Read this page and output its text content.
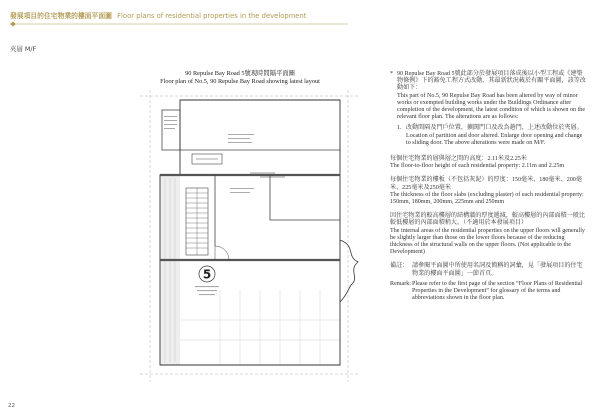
發展項目的住宅物業的樓面平面圖 Floor plans of residential properties in the development
夾層 M/F
90 Repulse Bay Road 5號現時間隔平面圖
Floor plan of No.5, 90 Repulse Bay Road showing latest layout
5
* 90 Repulse Bay Road 5號此部分於發展項目落成後以小型工程或《建築物條例》下的豁免工程方式改動，其最新狀況載於有關平面圖，該等改動如下：

This part of No.5, 90 Repulse Bay Road has been altered by way of minor works or exempted building works under the Buildings Ordinance after completion of the development, the latest condition of which is shown on the relevant floor plan. The alterations are as follows:

1. 改動間隔及門戶位置，擴闊門口及改為趟門，上述改動位於夾層。

Location of partition and door altered. Enlarge door opening and change to sliding door. The above alterations were made on M/F.

每個住宅物業的層與層之間的高度：2.11米及2.25米

The floor-to-floor height of each residential property: 2.11m and 2.25m

每個住宅物業的樓板（不包括灰泥）的厚度：150毫米、180毫米、200毫米、225毫米及250毫米

The thickness of the floor slabs (excluding plaster) of each residential property: 150mm, 180mm, 200mm, 225mm and 250mm

因住宅物業的較高樓層的結構牆的厚度遞減，較高樓層的內部面積一般比較低樓層的內部面積稍大。（不適用於本發展項目）

The internal areas of the residential properties on the upper floors will generally be slightly larger than those on the lower floors because of the reducing thickness of the structural walls on the upper floors. (Not applicable to the Development)

備註： 請參閱平面圖中所使用名詞及簡稱的詞彙，見「發展項目的住宅物業的樓面平面圖」一節首頁。
Remark: Please refer to the first page of the section “Floor Plans of Residential Properties in the Development” for glossary of the terms and abbreviations shown in the floor plan.
22
